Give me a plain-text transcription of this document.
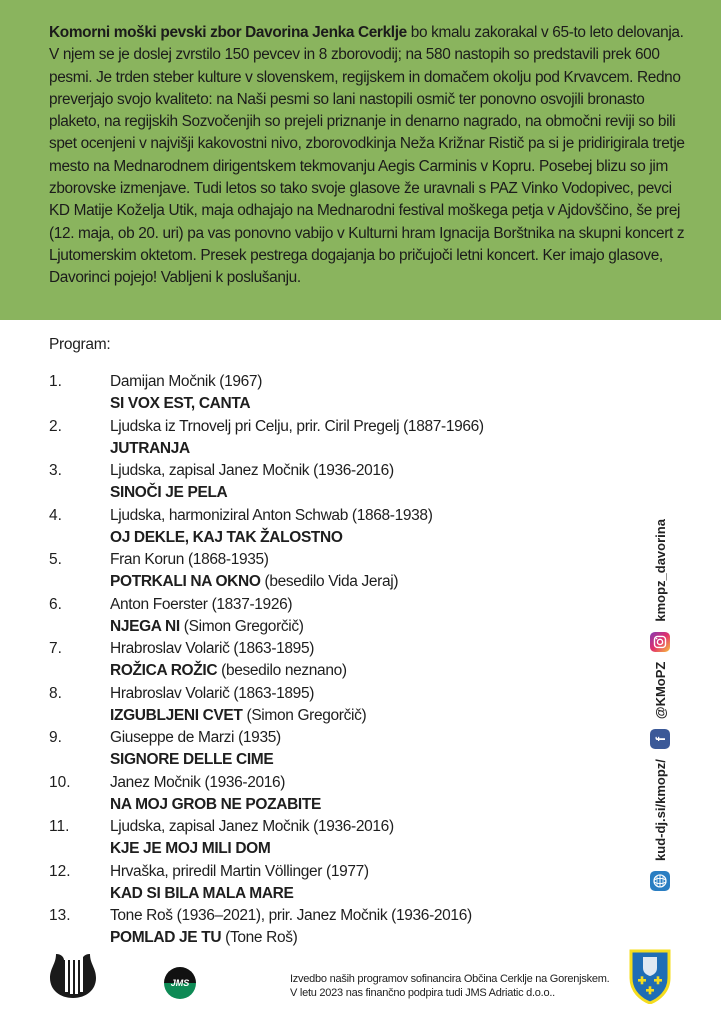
Komorni moški pevski zbor Davorina Jenka Cerklje bo kmalu zakorakal v 65-to leto delovanja. V njem se je doslej zvrstilo 150 pevcev in 8 zborovodij; na 580 nastopih so predstavili prek 600 pesmi. Je trden steber kulture v slovenskem, regijskem in domačem okolju pod Krvavcem. Redno preverjajo svojo kvaliteto: na Naši pesmi so lani nastopili osmič ter ponovno osvojili bronasto plaketo, na regijskih Sozvočenjih so prejeli priznanje in denarno nagrado, na območni reviji so bili spet ocenjeni v najvišji kakovostni nivo, zborovodkinja Neža Križnar Ristič pa si je pridirigirala tretje mesto na Mednarodnem dirigentskem tekmovanju Aegis Carminis v Kopru. Posebej blizu so jim zborovske izmenjave. Tudi letos so tako svoje glasove že uravnali s PAZ Vinko Vodopivec, pevci KD Matije Koželja Utik, maja odhajajo na Mednarodni festival moškega petja v Ajdovščino, še prej (12. maja, ob 20. uri) pa vas ponovno vabijo v Kulturni hram Ignacija Borštnika na skupni koncert z Ljutomerskim oktetom. Presek pestrega dogajanja bo pričujoči letni koncert. Ker imajo glasove, Davorinci pojejo! Vabljeni k poslušanju.
Program:
1.	Damijan Močnik (1967)
SI VOX EST, CANTA
2.	Ljudska iz Trnovelj pri Celju, prir. Ciril Pregelj (1887-1966)
JUTRANJA
3.	Ljudska, zapisal Janez Močnik (1936-2016)
SINOČI JE PELA
4.	Ljudska, harmoniziral Anton Schwab (1868-1938)
OJ DEKLE, KAJ TAK ŽALOSTNO
5.	Fran Korun (1868-1935)
POTRKALI NA OKNO (besedilo Vida Jeraj)
6.	Anton Foerster (1837-1926)
NJEGA NI (Simon Gregorčič)
7.	Hrabroslav Volarič (1863-1895)
ROŽICA ROŽIC (besedilo neznano)
8.	Hrabroslav Volarič (1863-1895)
IZGUBLJENI CVET (Simon Gregorčič)
9.	Giuseppe de Marzi (1935)
SIGNORE DELLE CIME
10.	Janez Močnik (1936-2016)
NA MOJ GROB NE POZABITE
11.	Ljudska, zapisal Janez Močnik (1936-2016)
KJE JE MOJ MILI DOM
12.	Hrvaška, priredil Martin Völlinger (1977)
KAD SI BILA MALA MARE
13.	Tone Roš (1936–2021), prir. Janez Močnik (1936-2016)
POMLAD JE TU (Tone Roš)
kud-dj.si/kmopz/
f
@KMoPZ
kmopz_davorina
JMS	Izvedbo naših programov sofinancira Občina Cerklje na Gorenjskem.
V letu 2023 nas finančno podpira tudi JMS Adriatic d.o.o..
